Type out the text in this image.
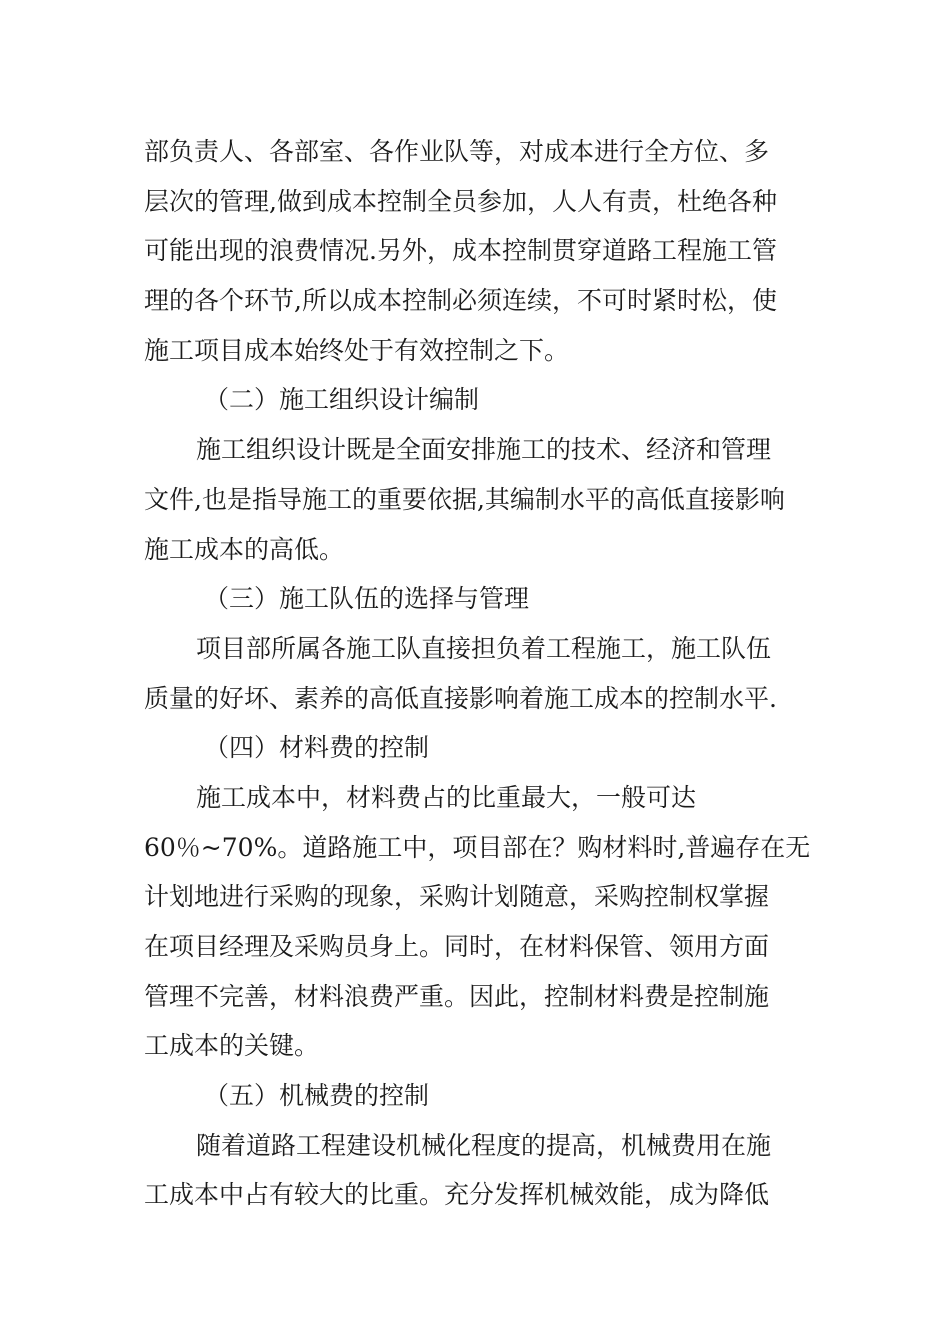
部负责人、各部室、各作业队等，对成本进行全方位、多
层次的管理,做到成本控制全员参加，人人有责，杜绝各种
可能出现的浪费情况.另外，成本控制贯穿道路工程施工管
理的各个环节,所以成本控制必须连续，不可时紧时松，使
施工项目成本始终处于有效控制之下。
（二）施工组织设计编制
施工组织设计既是全面安排施工的技术、经济和管理
文件,也是指导施工的重要依据,其编制水平的高低直接影响
施工成本的高低。
（三）施工队伍的选择与管理
项目部所属各施工队直接担负着工程施工，施工队伍
质量的好坏、素养的高低直接影响着施工成本的控制水平.
（四）材料费的控制
施工成本中，材料费占的比重最大，一般可达
60％~70%。道路施工中，项目部在？购材料时,普遍存在无
计划地进行采购的现象，采购计划随意，采购控制权掌握
在项目经理及采购员身上。同时，在材料保管、领用方面
管理不完善，材料浪费严重。因此，控制材料费是控制施
工成本的关键。
（五）机械费的控制
随着道路工程建设机械化程度的提高，机械费用在施
工成本中占有较大的比重。充分发挥机械效能，成为降低
